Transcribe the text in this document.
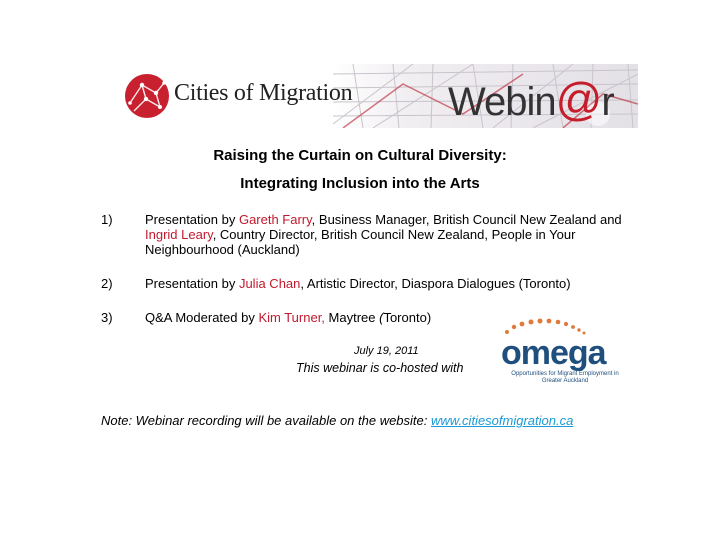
Cities of Migration Webin@r
Raising the Curtain on Cultural Diversity:
Integrating Inclusion into the Arts
1) Presentation by Gareth Farry, Business Manager, British Council New Zealand and Ingrid Leary, Country Director, British Council New Zealand, People in Your Neighbourhood (Auckland)
2) Presentation by Julia Chan, Artistic Director, Diaspora Dialogues (Toronto)
3) Q&A Moderated by Kim Turner, Maytree (Toronto)
July 19, 2011
This webinar is co-hosted with omega
Opportunities for Migrant Employment in Greater Auckland
Note: Webinar recording will be available on the website: www.citiesofmigration.ca
